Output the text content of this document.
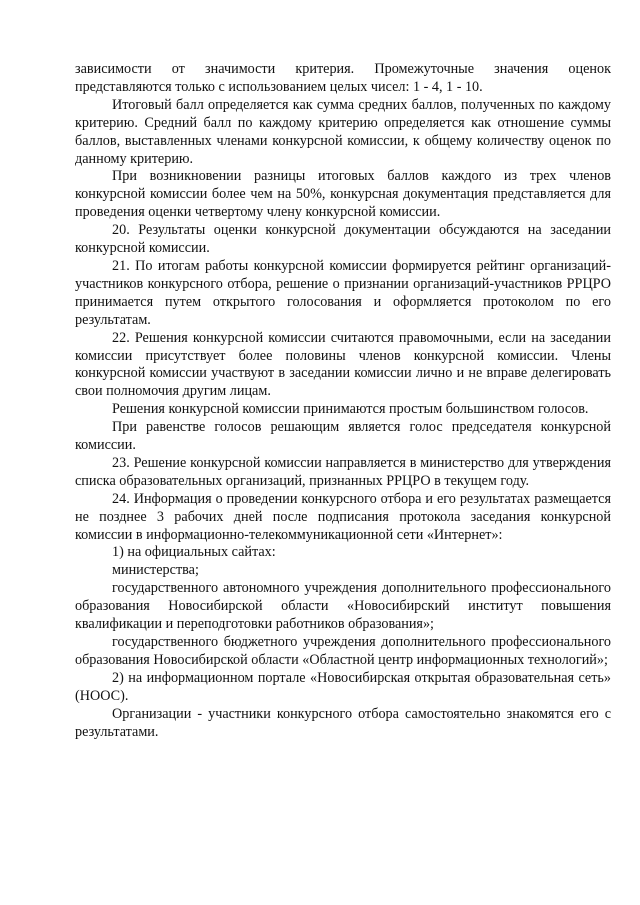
зависимости от значимости критерия. Промежуточные значения оценок представляются только с использованием целых чисел: 1 - 4, 1 - 10.

Итоговый балл определяется как сумма средних баллов, полученных по каждому критерию. Средний балл по каждому критерию определяется как отношение суммы баллов, выставленных членами конкурсной комиссии, к общему количеству оценок по данному критерию.

При возникновении разницы итоговых баллов каждого из трех членов конкурсной комиссии более чем на 50%, конкурсная документация представляется для проведения оценки четвертому члену конкурсной комиссии.

20. Результаты оценки конкурсной документации обсуждаются на заседании конкурсной комиссии.

21. По итогам работы конкурсной комиссии формируется рейтинг организаций-участников конкурсного отбора, решение о признании организаций-участников РРЦРО принимается путем открытого голосования и оформляется протоколом по его результатам.

22. Решения конкурсной комиссии считаются правомочными, если на заседании комиссии присутствует более половины членов конкурсной комиссии. Члены конкурсной комиссии участвуют в заседании комиссии лично и не вправе делегировать свои полномочия другим лицам.

Решения конкурсной комиссии принимаются простым большинством голосов.

При равенстве голосов решающим является голос председателя конкурсной комиссии.

23. Решение конкурсной комиссии направляется в министерство для утверждения списка образовательных организаций, признанных РРЦРО в текущем году.

24. Информация о проведении конкурсного отбора и его результатах размещается не позднее 3 рабочих дней после подписания протокола заседания конкурсной комиссии в информационно-телекоммуникационной сети «Интернет»:

1) на официальных сайтах:

министерства;

государственного автономного учреждения дополнительного профессионального образования Новосибирской области «Новосибирский институт повышения квалификации и переподготовки работников образования»;

государственного бюджетного учреждения дополнительного профессионального образования Новосибирской области «Областной центр информационных технологий»;

2) на информационном портале «Новосибирская открытая образовательная сеть» (НООС).

Организации - участники конкурсного отбора самостоятельно знакомятся его с результатами.
